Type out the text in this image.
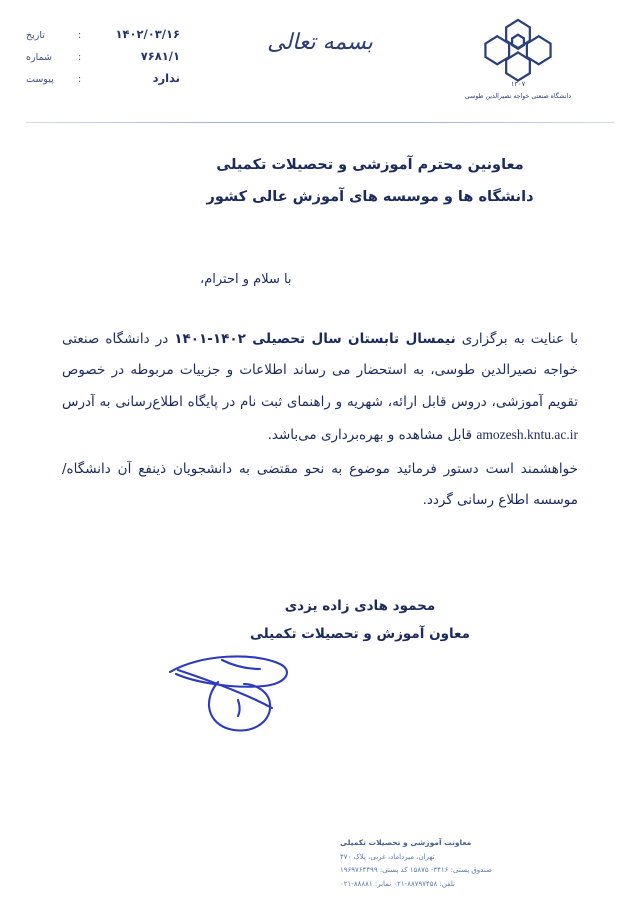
۱۳۰۷
دانشگاه صنعتی خواجه نصیرالدین طوسی
بسمه تعالی
تاریخ	:	۱۴۰۲/۰۳/۱۶
شماره	:	۷۶۸۱/۱
پیوست	:	ندارد
معاونین محترم آموزشی و تحصیلات تکمیلی
دانشگاه ها و موسسه های آموزش عالی کشور
با سلام و احترام،

با عنایت به برگزاری نیمسال تابستان سال تحصیلی ۱۴۰۲-۱۴۰۱ در دانشگاه صنعتی خواجه نصیرالدین طوسی، به استحضار می رساند اطلاعات و جزییات مربوطه در خصوص تقویم آموزشی، دروس قابل ارائه، شهریه و راهنمای ثبت نام در پایگاه اطلاع‌رسانی به آدرس amozesh.kntu.ac.ir قابل مشاهده و بهره‌برداری می‌باشد.

خواهشمند است دستور فرمائید موضوع به نحو مقتضی به دانشجویان ذینفع آن دانشگاه/موسسه اطلاع رسانی گردد.

محمود هادی زاده یزدی
معاون آموزش و تحصیلات تکمیلی
معاونت آموزشی و تحصیلات تکمیلی
تهران، میرداماد، غربی، پلاک ۴۷۰
صندوق پستی: ۳۴۱۶- ۱۵۸۷۵ کد پستی: ۱۹۶۹۷۶۴۴۹۹
تلفن: ۸۸۷۹۷۴۵۸-۰۲۱ نمابر: ۸۸۸۸۱-۰۲۱
